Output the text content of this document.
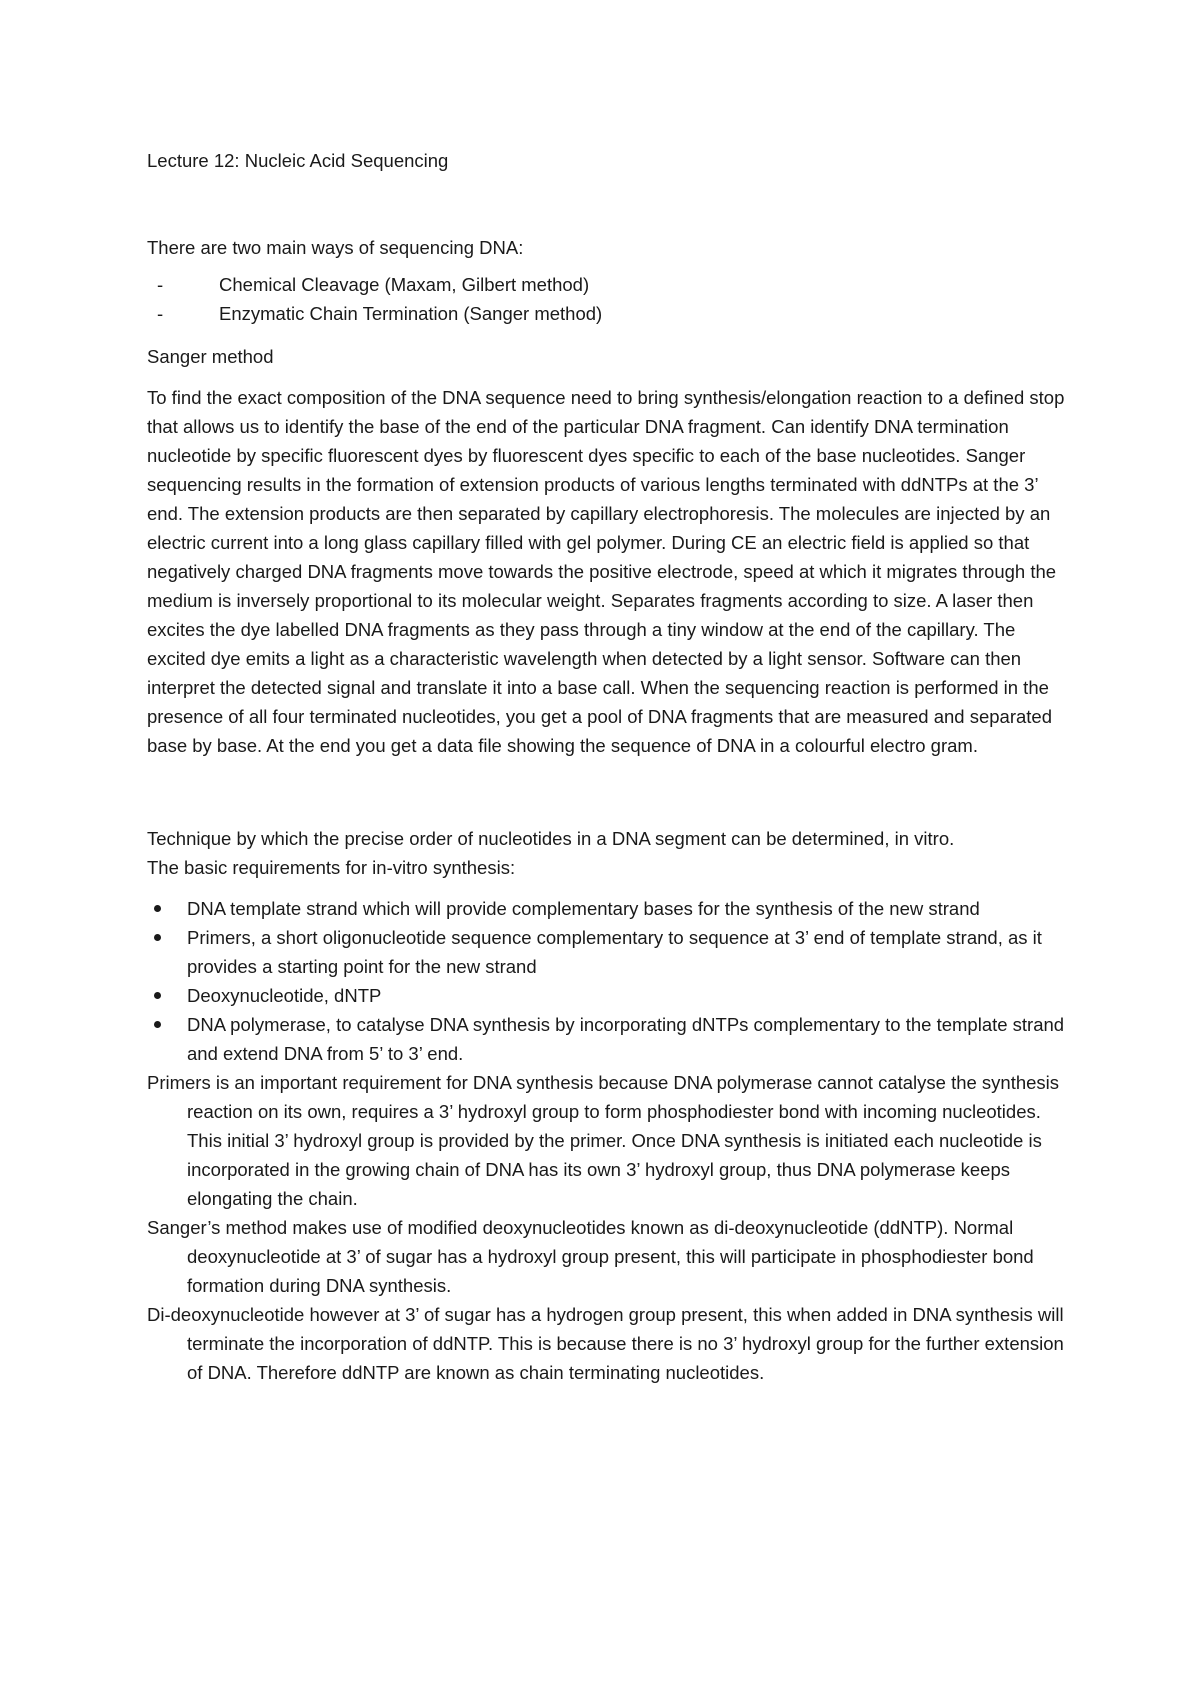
Lecture 12: Nucleic Acid Sequencing

There are two main ways of sequencing DNA:

- Chemical Cleavage (Maxam, Gilbert method)
- Enzymatic Chain Termination (Sanger method)

Sanger method

To find the exact composition of the DNA sequence need to bring synthesis/elongation reaction to a defined stop that allows us to identify the base of the end of the particular DNA fragment. Can identify DNA termination nucleotide by specific fluorescent dyes by fluorescent dyes specific to each of the base nucleotides. Sanger sequencing results in the formation of extension products of various lengths terminated with ddNTPs at the 3’ end. The extension products are then separated by capillary electrophoresis. The molecules are injected by an electric current into a long glass capillary filled with gel polymer. During CE an electric field is applied so that negatively charged DNA fragments move towards the positive electrode, speed at which it migrates through the medium is inversely proportional to its molecular weight. Separates fragments according to size. A laser then excites the dye labelled DNA fragments as they pass through a tiny window at the end of the capillary. The excited dye emits a light as a characteristic wavelength when detected by a light sensor. Software can then interpret the detected signal and translate it into a base call. When the sequencing reaction is performed in the presence of all four terminated nucleotides, you get a pool of DNA fragments that are measured and separated base by base. At the end you get a data file showing the sequence of DNA in a colourful electro gram.

Technique by which the precise order of nucleotides in a DNA segment can be determined, in vitro.
The basic requirements for in-vitro synthesis:
DNA template strand which will provide complementary bases for the synthesis of the new strand
Primers, a short oligonucleotide sequence complementary to sequence at 3’ end of template strand, as it provides a starting point for the new strand
Deoxynucleotide, dNTP
DNA polymerase, to catalyse DNA synthesis by incorporating dNTPs complementary to the template strand and extend DNA from 5’ to 3’ end.

Primers is an important requirement for DNA synthesis because DNA polymerase cannot catalyse the synthesis reaction on its own, requires a 3’ hydroxyl group to form phosphodiester bond with incoming nucleotides. This initial 3’ hydroxyl group is provided by the primer. Once DNA synthesis is initiated each nucleotide is incorporated in the growing chain of DNA has its own 3’ hydroxyl group, thus DNA polymerase keeps elongating the chain.

Sanger’s method makes use of modified deoxynucleotides known as di-deoxynucleotide (ddNTP). Normal deoxynucleotide at 3’ of sugar has a hydroxyl group present, this will participate in phosphodiester bond formation during DNA synthesis.

Di-deoxynucleotide however at 3’ of sugar has a hydrogen group present, this when added in DNA synthesis will terminate the incorporation of ddNTP. This is because there is no 3’ hydroxyl group for the further extension of DNA. Therefore ddNTP are known as chain terminating nucleotides.
